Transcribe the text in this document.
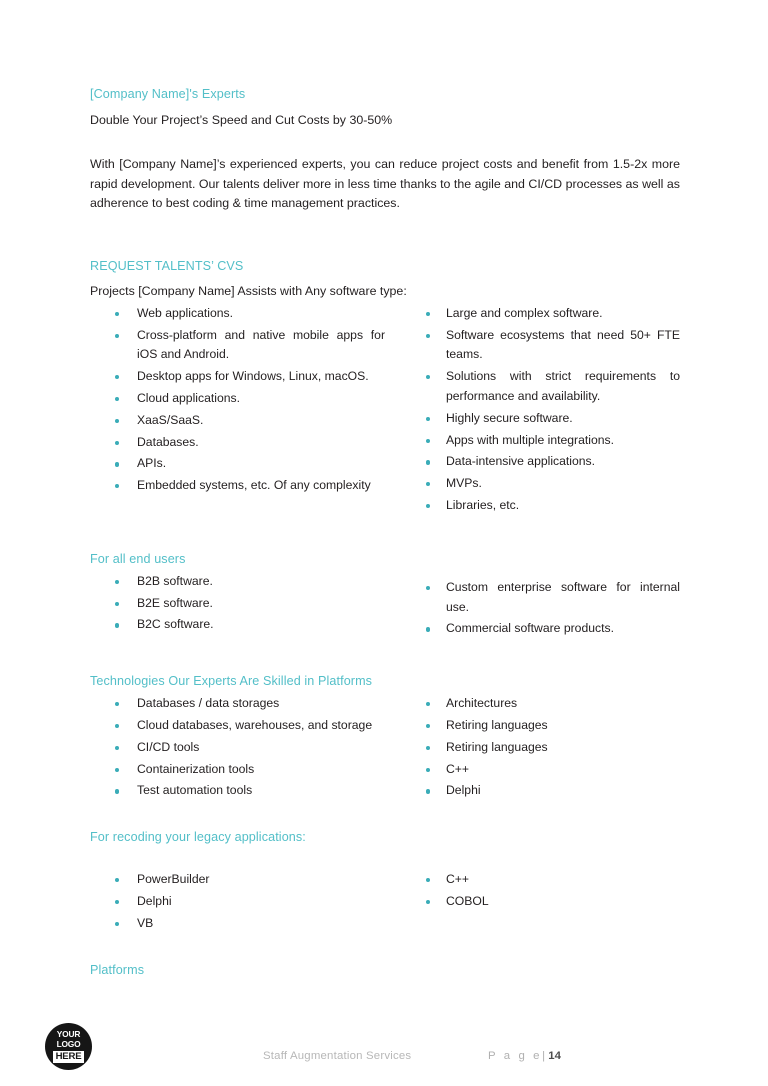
[Company Name]'s Experts
Double Your Project’s Speed and Cut Costs by 30-50%
With [Company Name]’s experienced experts, you can reduce project costs and benefit from 1.5-2x more rapid development. Our talents deliver more in less time thanks to the agile and CI/CD processes as well as adherence to best coding & time management practices.
REQUEST TALENTS’ CVS
Projects [Company Name] Assists with Any software type:
Web applications.
Cross-platform and native mobile apps for iOS and Android.
Desktop apps for Windows, Linux, macOS.
Cloud applications.
XaaS/SaaS.
Databases.
APIs.
Embedded systems, etc. Of any complexity
Large and complex software.
Software ecosystems that need 50+ FTE teams.
Solutions with strict requirements to performance and availability.
Highly secure software.
Apps with multiple integrations.
Data-intensive applications.
MVPs.
Libraries, etc.
For all end users
B2B software.
B2E software.
B2C software.
Custom enterprise software for internal use.
Commercial software products.
Technologies Our Experts Are Skilled in Platforms
Databases / data storages
Cloud databases, warehouses, and storage
CI/CD tools
Containerization tools
Test automation tools
Architectures
Retiring languages
Retiring languages
C++
Delphi
For recoding your legacy applications:
PowerBuilder
Delphi
VB
C++
COBOL
Platforms
YOUR
LOGO
HERE	Staff Augmentation Services	P a g e| 14
